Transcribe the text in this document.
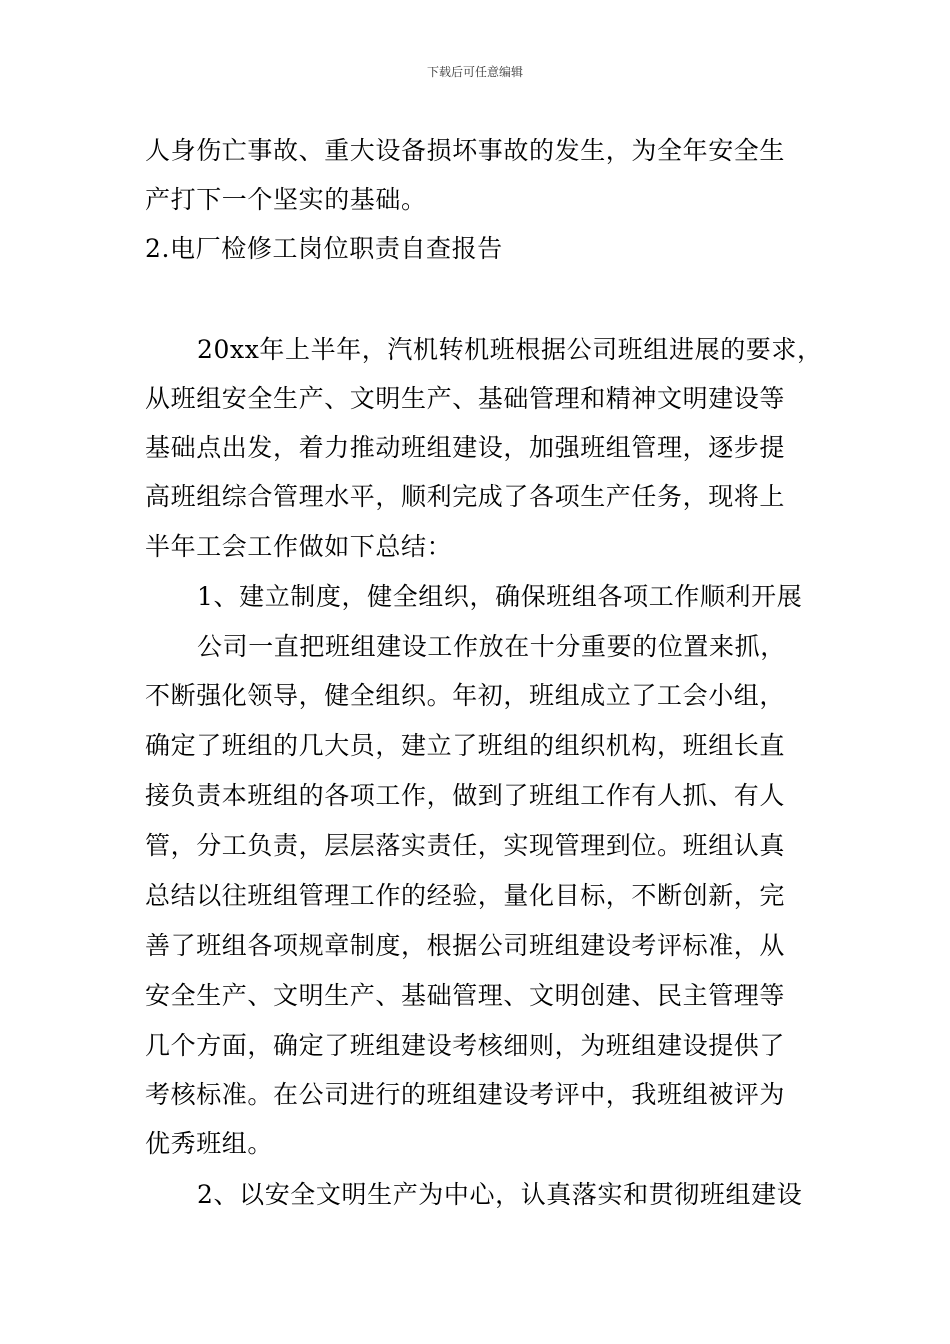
下载后可任意编辑
人身伤亡事故、重大设备损坏事故的发生，为全年安全生
产打下一个坚实的基础。
2.电厂检修工岗位职责自查报告
20xx年上半年，汽机转机班根据公司班组进展的要求，
从班组安全生产、文明生产、基础管理和精神文明建设等
基础点出发，着力推动班组建设，加强班组管理，逐步提
高班组综合管理水平，顺利完成了各项生产任务，现将上
半年工会工作做如下总结：
1、建立制度，健全组织，确保班组各项工作顺利开展
公司一直把班组建设工作放在十分重要的位置来抓，
不断强化领导，健全组织。年初，班组成立了工会小组，
确定了班组的几大员，建立了班组的组织机构，班组长直
接负责本班组的各项工作，做到了班组工作有人抓、有人
管，分工负责，层层落实责任，实现管理到位。班组认真
总结以往班组管理工作的经验，量化目标，不断创新，完
善了班组各项规章制度，根据公司班组建设考评标准，从
安全生产、文明生产、基础管理、文明创建、民主管理等
几个方面，确定了班组建设考核细则，为班组建设提供了
考核标准。在公司进行的班组建设考评中，我班组被评为
优秀班组。
2、以安全文明生产为中心，认真落实和贯彻班组建设
